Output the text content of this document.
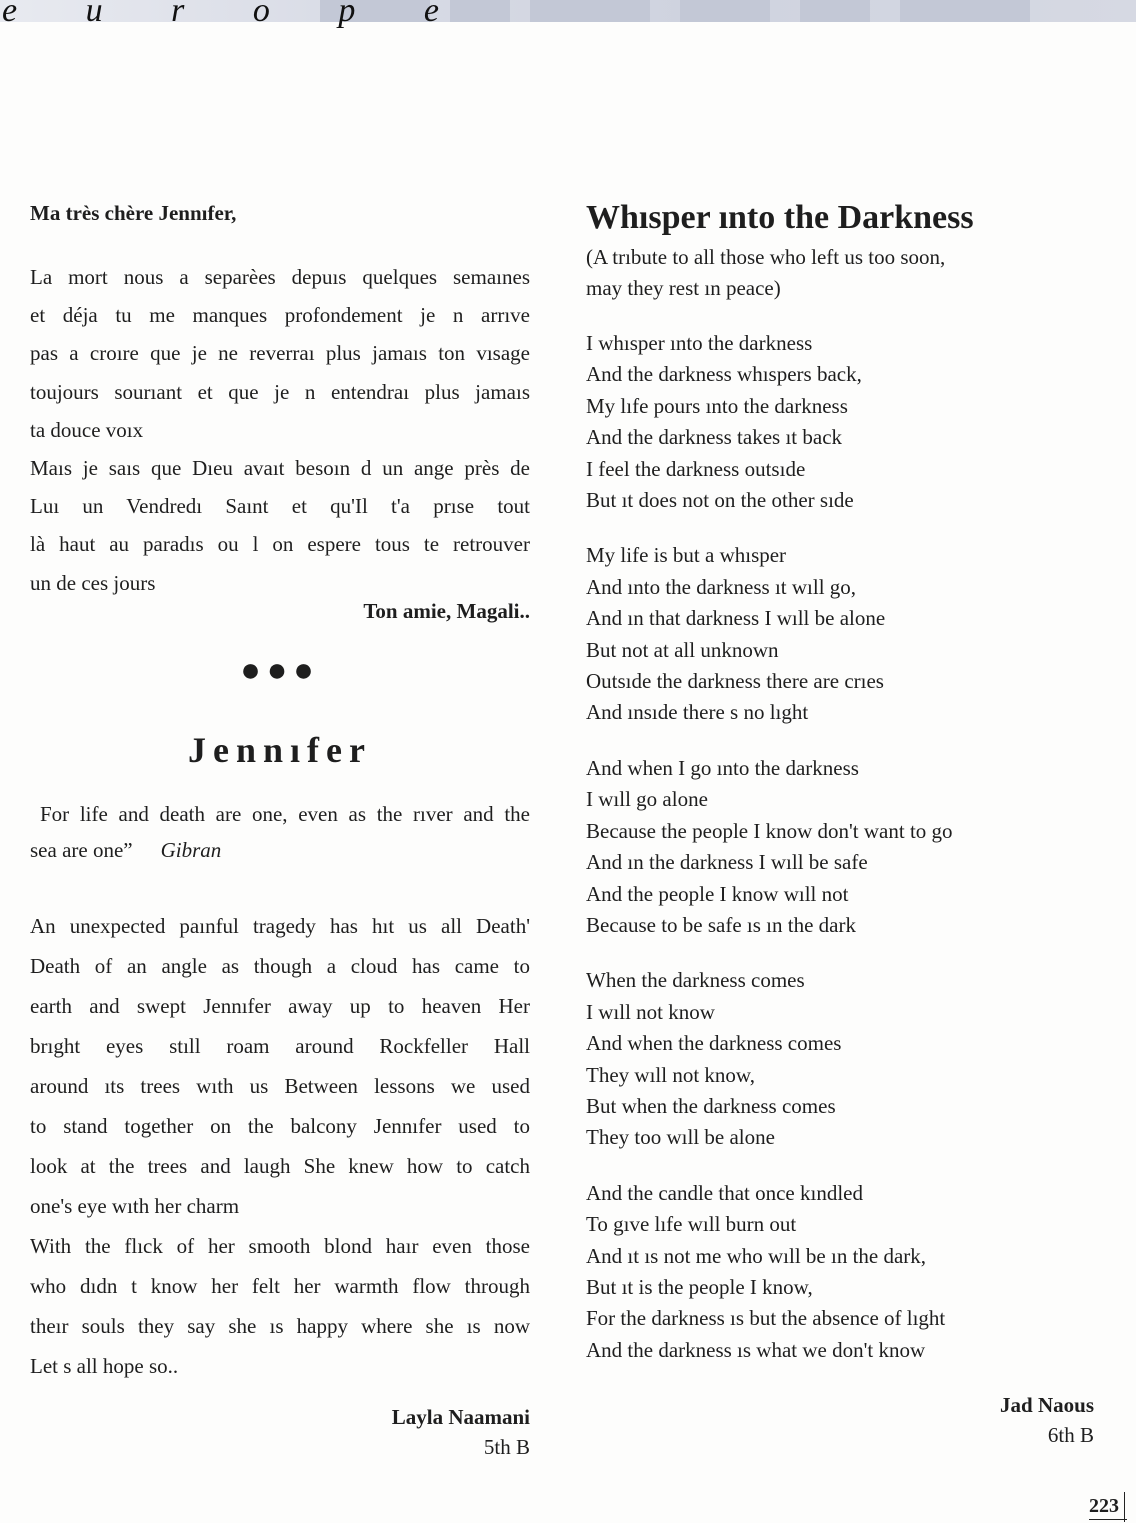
e u r o p e

Ma très chère Jennıfer,

La mort nous a separèes depuıs quelques semaınes
et déja tu me manques profondement je n arrıve
pas a croıre que je ne reverraı plus jamaıs ton vısage
toujours sourıant et que je n entendraı plus jamaıs
ta douce voıx
Maıs je saıs que Dıeu avaıt besoın d un ange près de
Luı un Vendredı Saınt et qu'Il t'a prıse tout
là haut au paradıs ou l on espere tous te retrouver
un de ces jours
Ton amie, Magali..
●●●
Jennıfer
For life and death are one, even as the rıver and the
sea are one” Gibran
An unexpected paınful tragedy has hıt us all Death'
Death of an angle as though a cloud has came to
earth and swept Jennıfer away up to heaven Her
brıght eyes stıll roam around Rockfeller Hall
around ıts trees wıth us Between lessons we used
to stand together on the balcony Jennıfer used to
look at the trees and laugh She knew how to catch
one's eye wıth her charm
With the flıck of her smooth blond haır even those
who dıdn t know her felt her warmth flow through
theır souls they say she ıs happy where she ıs now
Let s all hope so..
Layla Naamani
5th B
Whısper ınto the Darkness
(A trıbute to all those who left us too soon,
may they rest ın peace)
I whısper ınto the darkness
And the darkness whıspers back,
My lıfe pours ınto the darkness
And the darkness takes ıt back
I feel the darkness outsıde
But ıt does not on the other sıde
My life is but a whısper
And ınto the darkness ıt wıll go,
And ın that darkness I wıll be alone
But not at all unknown
Outsıde the darkness there are crıes
And ınsıde there s no lıght
And when I go ınto the darkness
I wıll go alone
Because the people I know don't want to go
And ın the darkness I wıll be safe
And the people I know wıll not
Because to be safe ıs ın the dark
When the darkness comes
I wıll not know
And when the darkness comes
They wıll not know,
But when the darkness comes
They too wıll be alone
And the candle that once kındled
To gıve lıfe wıll burn out
And ıt ıs not me who wıll be ın the dark,
But ıt is the people I know,
For the darkness ıs but the absence of lıght
And the darkness ıs what we don't know
Jad Naous
6th B
223
